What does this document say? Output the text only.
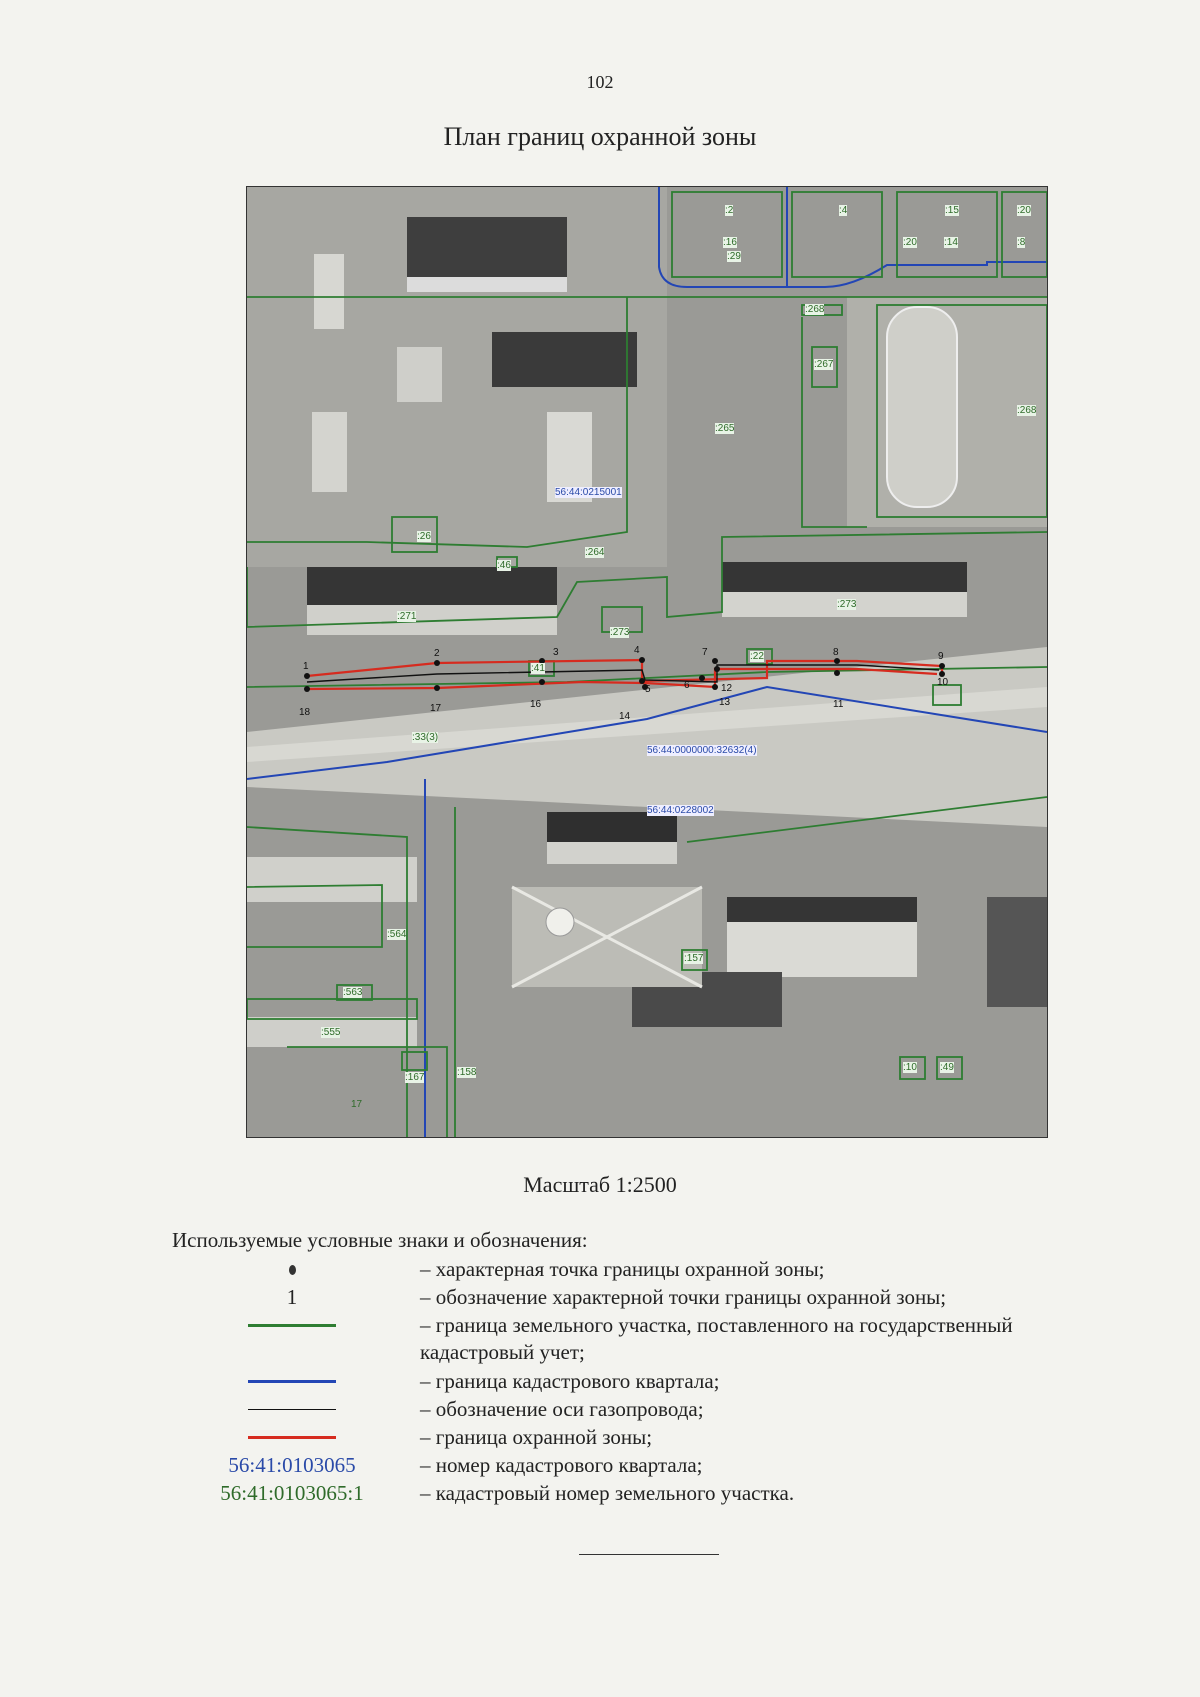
102
План границ охранной зоны
56:44:0215001
56:44:0000000:32632(4)
56:44:0228002
:2	:4	:15	:20
:16
:29
:20	:14	:8
:268
:267
:268
:265
:26
:264
:46
:271
:273
:273
:41
:22
:33(3)
:564
:563
:555
:157
:158
:167
17
:10 :49
1
2	3	4
5	6
7	8	9
10
11
12
13
14
16
17
18
Масштаб 1:2500
Используемые условные знаки и обозначения:
– характерная точка границы охранной зоны;
1	– обозначение характерной точки границы охранной зоны;
– граница земельного участка, поставленного на государственный кадастровый учет;
– граница кадастрового квартала;
– обозначение оси газопровода;
– граница охранной зоны;
56:41:0103065	– номер кадастрового квартала;
56:41:0103065:1	– кадастровый номер земельного участка.
